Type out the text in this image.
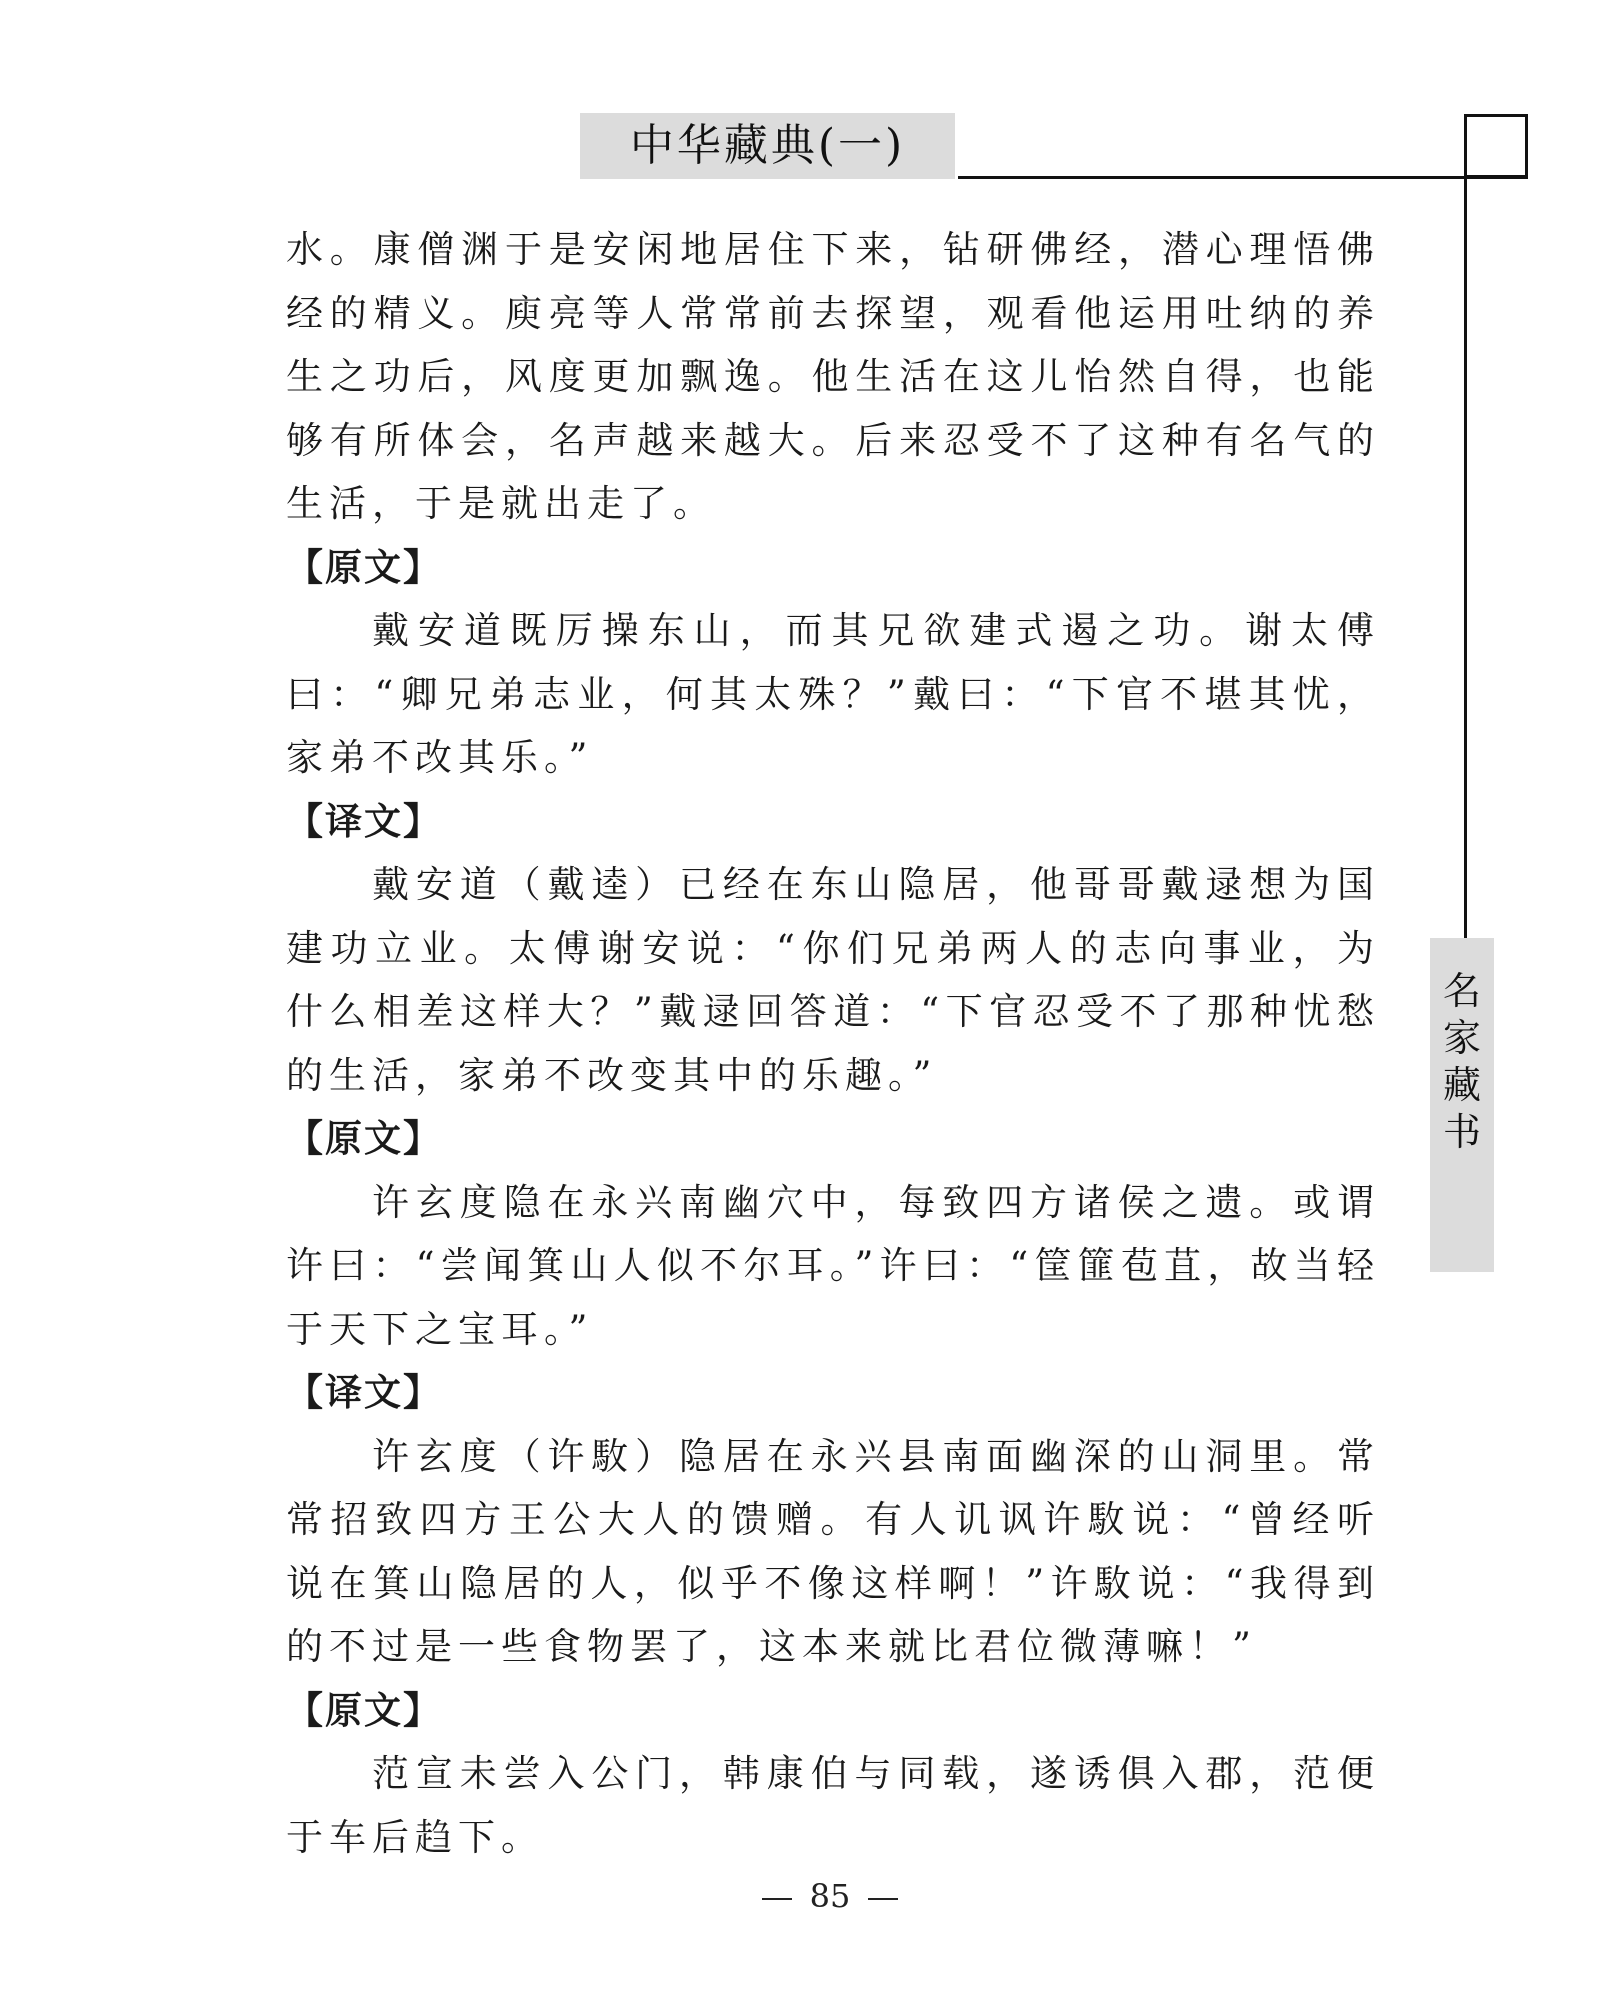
中华藏典(一)
名
家
藏
书

水。康僧渊于是安闲地居住下来，钻研佛经，潜心理悟佛经的精义。庾亮等人常常前去探望，观看他运用吐纳的养生之功后，风度更加飘逸。他生活在这儿怡然自得，也能够有所体会，名声越来越大。后来忍受不了这种有名气的生活，于是就出走了。

【原文】

戴安道既厉操东山，而其兄欲建式遏之功。谢太傅曰：“卿兄弟志业，何其太殊？”戴曰：“下官不堪其忧，家弟不改其乐。”

【译文】

戴安道（戴逵）已经在东山隐居，他哥哥戴逯想为国建功立业。太傅谢安说：“你们兄弟两人的志向事业，为什么相差这样大？”戴逯回答道：“下官忍受不了那种忧愁的生活，家弟不改变其中的乐趣。”

【原文】

许玄度隐在永兴南幽穴中，每致四方诸侯之遗。或谓许曰：“尝闻箕山人似不尔耳。”许曰：“筐篚苞苴，故当轻于天下之宝耳。”

【译文】

许玄度（许駇）隐居在永兴县南面幽深的山洞里。常常招致四方王公大人的馈赠。有人讥讽许駇说：“曾经听说在箕山隐居的人，似乎不像这样啊！”许駇说：“我得到的不过是一些食物罢了，这本来就比君位微薄嘛！”

【原文】

范宣未尝入公门，韩康伯与同载，遂诱俱入郡，范便于车后趋下。

85
